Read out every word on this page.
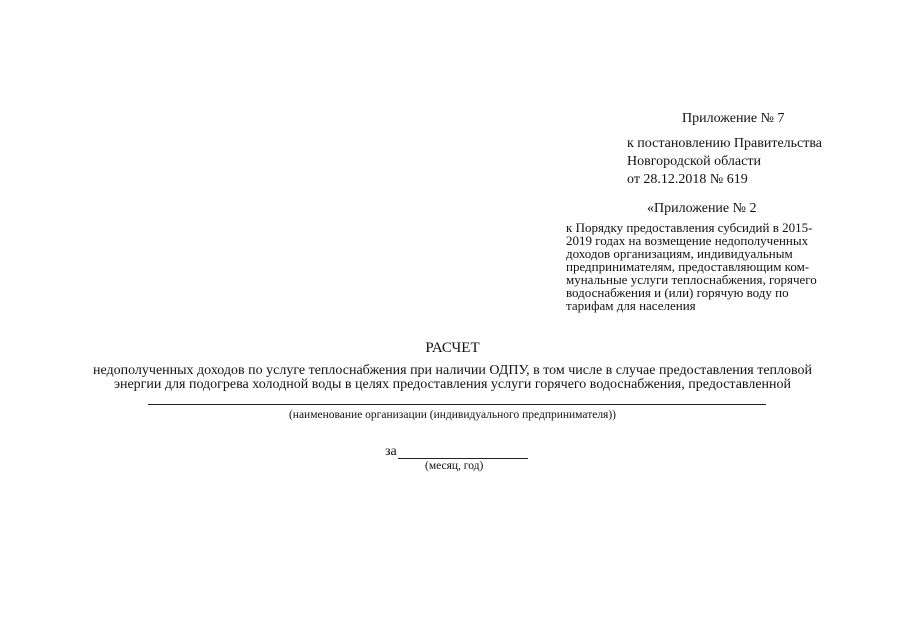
Приложение № 7
к постановлению Правительства
Новгородской области
от 28.12.2018 № 619
«Приложение № 2
к Порядку предоставления субсидий в 2015-
2019 годах на возмещение недополученных
доходов организациям, индивидуальным
предпринимателям, предоставляющим ком-
мунальные услуги теплоснабжения, горячего
водоснабжения и (или) горячую воду по
тарифам для населения
РАСЧЕТ
недополученных доходов по услуге теплоснабжения при наличии ОДПУ, в том числе в случае предоставления тепловой
энергии для подогрева холодной воды в целях предоставления услуги горячего водоснабжения, предоставленной
(наименование организации (индивидуального предпринимателя))
за
(месяц, год)
